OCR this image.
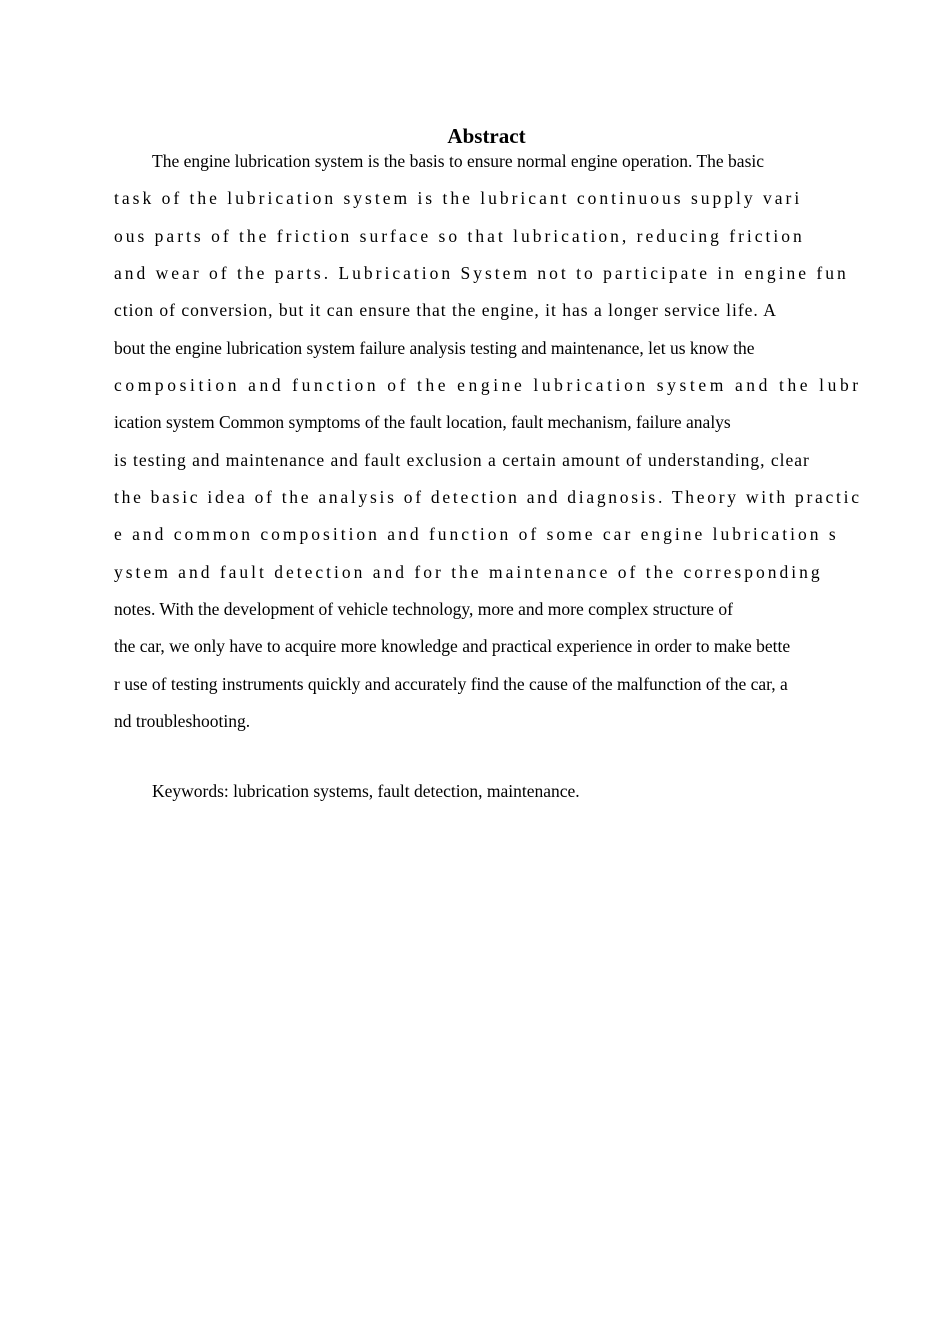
Abstract

The engine lubrication system is the basis to ensure normal engine operation. The basic

task of the lubrication system is the lubricant continuous supply vari

ous parts of the friction surface so that lubrication, reducing friction

and wear of the parts. Lubrication System not to participate in engine fun

ction of conversion, but it can ensure that the engine, it has a longer service life. A

bout the engine lubrication system failure analysis testing and maintenance, let us know the

composition and function of the engine lubrication system and the lubr

ication system Common symptoms of the fault location, fault mechanism, failure analys

is testing and maintenance and fault exclusion a certain amount of understanding, clear

the basic idea of the analysis of detection and diagnosis. Theory with practic

e and common composition and function of some car engine lubrication s

ystem and fault detection and for the maintenance of the corresponding

notes. With the development of vehicle technology, more and more complex structure of

the car, we only have to acquire more knowledge and practical experience in order to make bette

r use of testing instruments quickly and accurately find the cause of the malfunction of the car, a

nd troubleshooting.

Keywords: lubrication systems, fault detection, maintenance.
